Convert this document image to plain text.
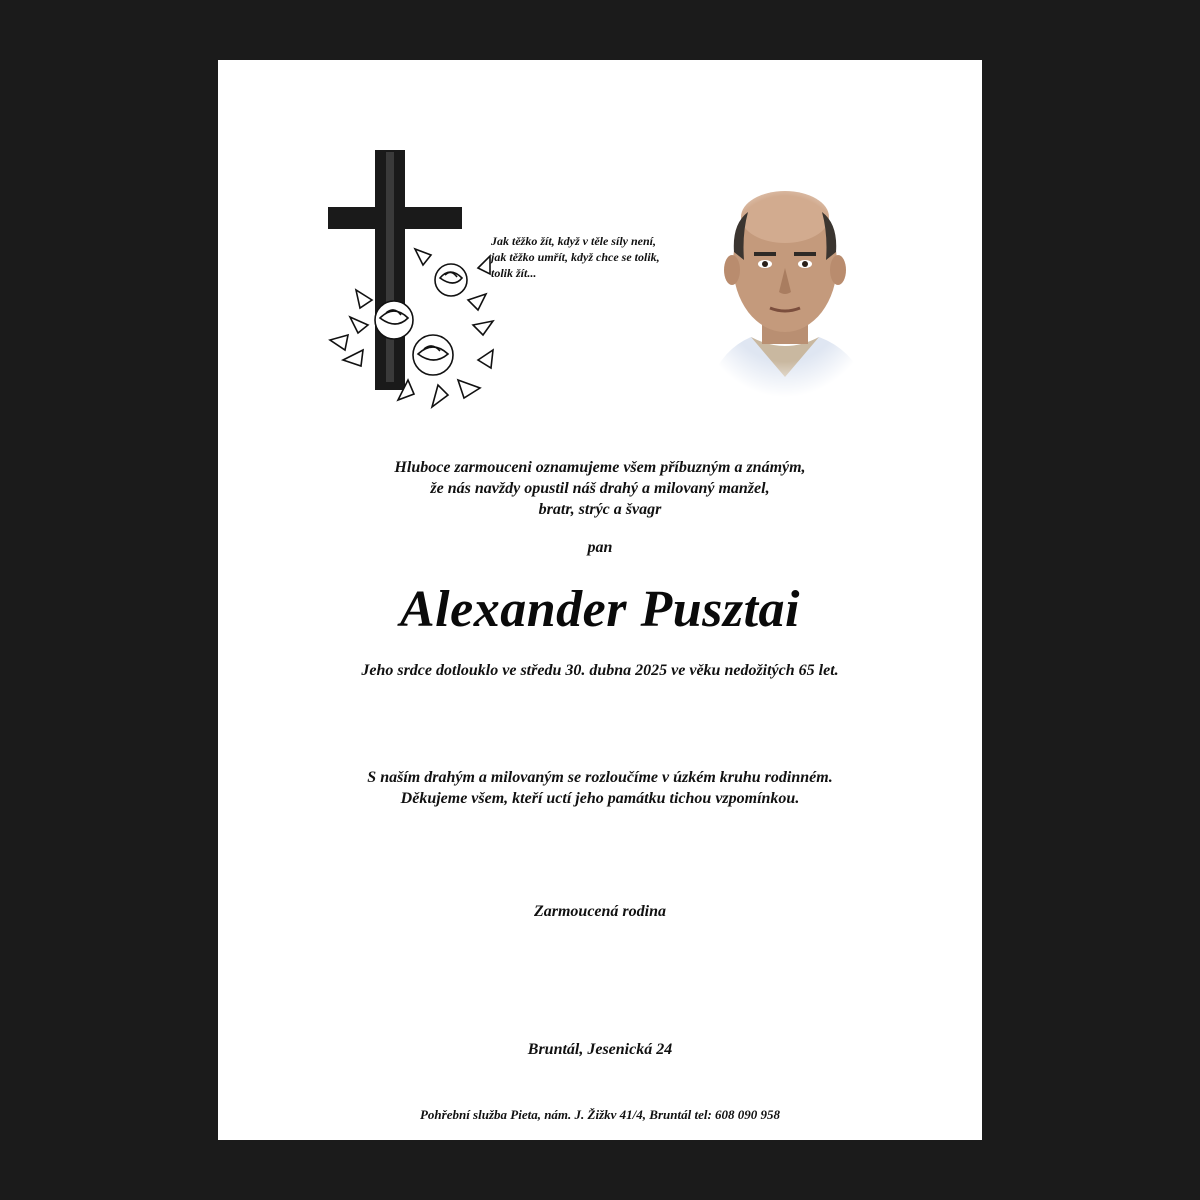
Jak těžko žít, když v těle síly není,
jak těžko umřít, když chce se tolik,
tolik žít...
Hluboce zarmouceni oznamujeme všem příbuzným a známým,
že nás navždy opustil náš drahý a milovaný manžel,
bratr, strýc a švagr
pan
Alexander Pusztai
Jeho srdce dotlouklo ve středu 30. dubna 2025 ve věku nedožitých 65 let.
S naším drahým a milovaným se rozloučíme v úzkém kruhu rodinném.
Děkujeme všem, kteří uctí jeho památku tichou vzpomínkou.
Zarmoucená rodina
Bruntál, Jesenická 24
Pohřební služba Pieta, nám. J. Žižkv 41/4, Bruntál tel: 608 090 958
